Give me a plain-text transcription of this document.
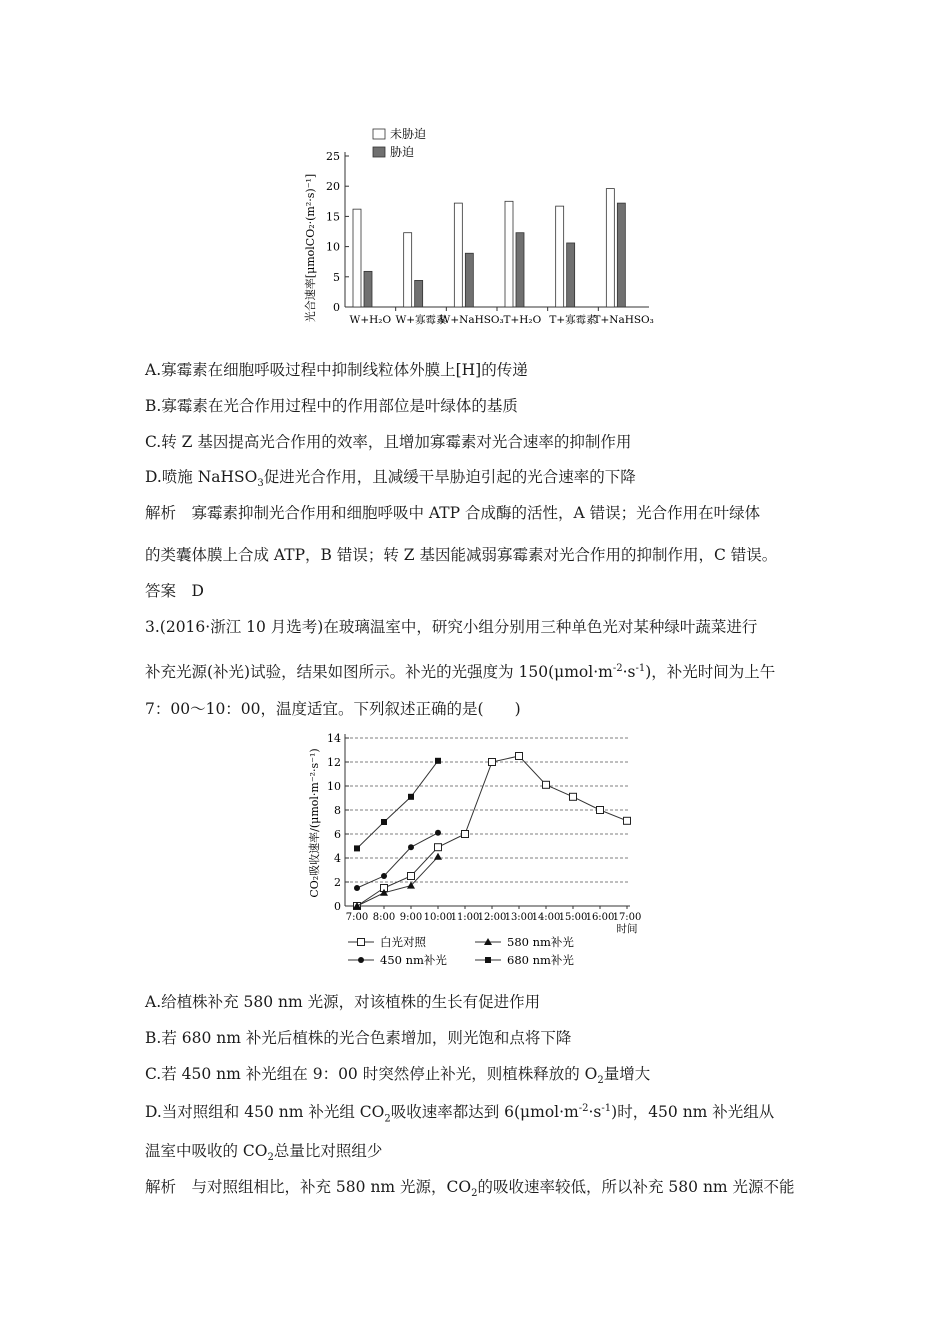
未胁迫
胁迫
光合速率[μmolCO₂·(m²·s)⁻¹] 0
5
10
15
20
25
W+H₂O W+寡霉素
W+NaHSO₃ T+H₂O T+寡霉素
T+NaHSO₃
A.寡霉素在细胞呼吸过程中抑制线粒体外膜上[H]的传递
B.寡霉素在光合作用过程中的作用部位是叶绿体的基质
C.转 Z 基因提高光合作用的效率，且增加寡霉素对光合速率的抑制作用
D.喷施 NaHSO$_3$促进光合作用，且减缓干旱胁迫引起的光合速率的下降
解析　寡霉素抑制光合作用和细胞呼吸中 ATP 合成酶的活性，A 错误；光合作用在叶绿体
的类囊体膜上合成 ATP，B 错误；转 Z 基因能减弱寡霉素对光合作用的抑制作用，C 错误。
答案　D
3.(2016·浙江 10 月选考)在玻璃温室中，研究小组分别用三种单色光对某种绿叶蔬菜进行
补充光源(补光)试验，结果如图所示。补光的光强度为 $150(\mu mol\cdot m^{-2}\cdot s^{-1})$，补光时间为上午
7：00～10：00，温度适宜。下列叙述正确的是(　　)
CO₂吸收速率/(μmol·m⁻²·s⁻¹)
0
2
4
6
8
10
12
14
7:00 8:00 9:00 10:00
11:00
12:00
13:00
14:00
15:00
16:00
17:00
时间
白光对照	580 nm补光
450 nm补光	680 nm补光
A.给植株补充 580 nm 光源，对该植株的生长有促进作用
B.若 680 nm 补光后植株的光合色素增加，则光饱和点将下降
C.若 450 nm 补光组在 9：00 时突然停止补光，则植株释放的 $O_2$量增大
D.当对照组和 450 nm 补光组 $CO_2$吸收速率都达到 $6(\mu mol\cdot m^{-2}\cdot s^{-1})$时，450 nm 补光组从
温室中吸收的 $CO_2$总量比对照组少
解析　与对照组相比，补充 580 nm 光源，$CO_2$的吸收速率较低，所以补充 580 nm 光源不能
